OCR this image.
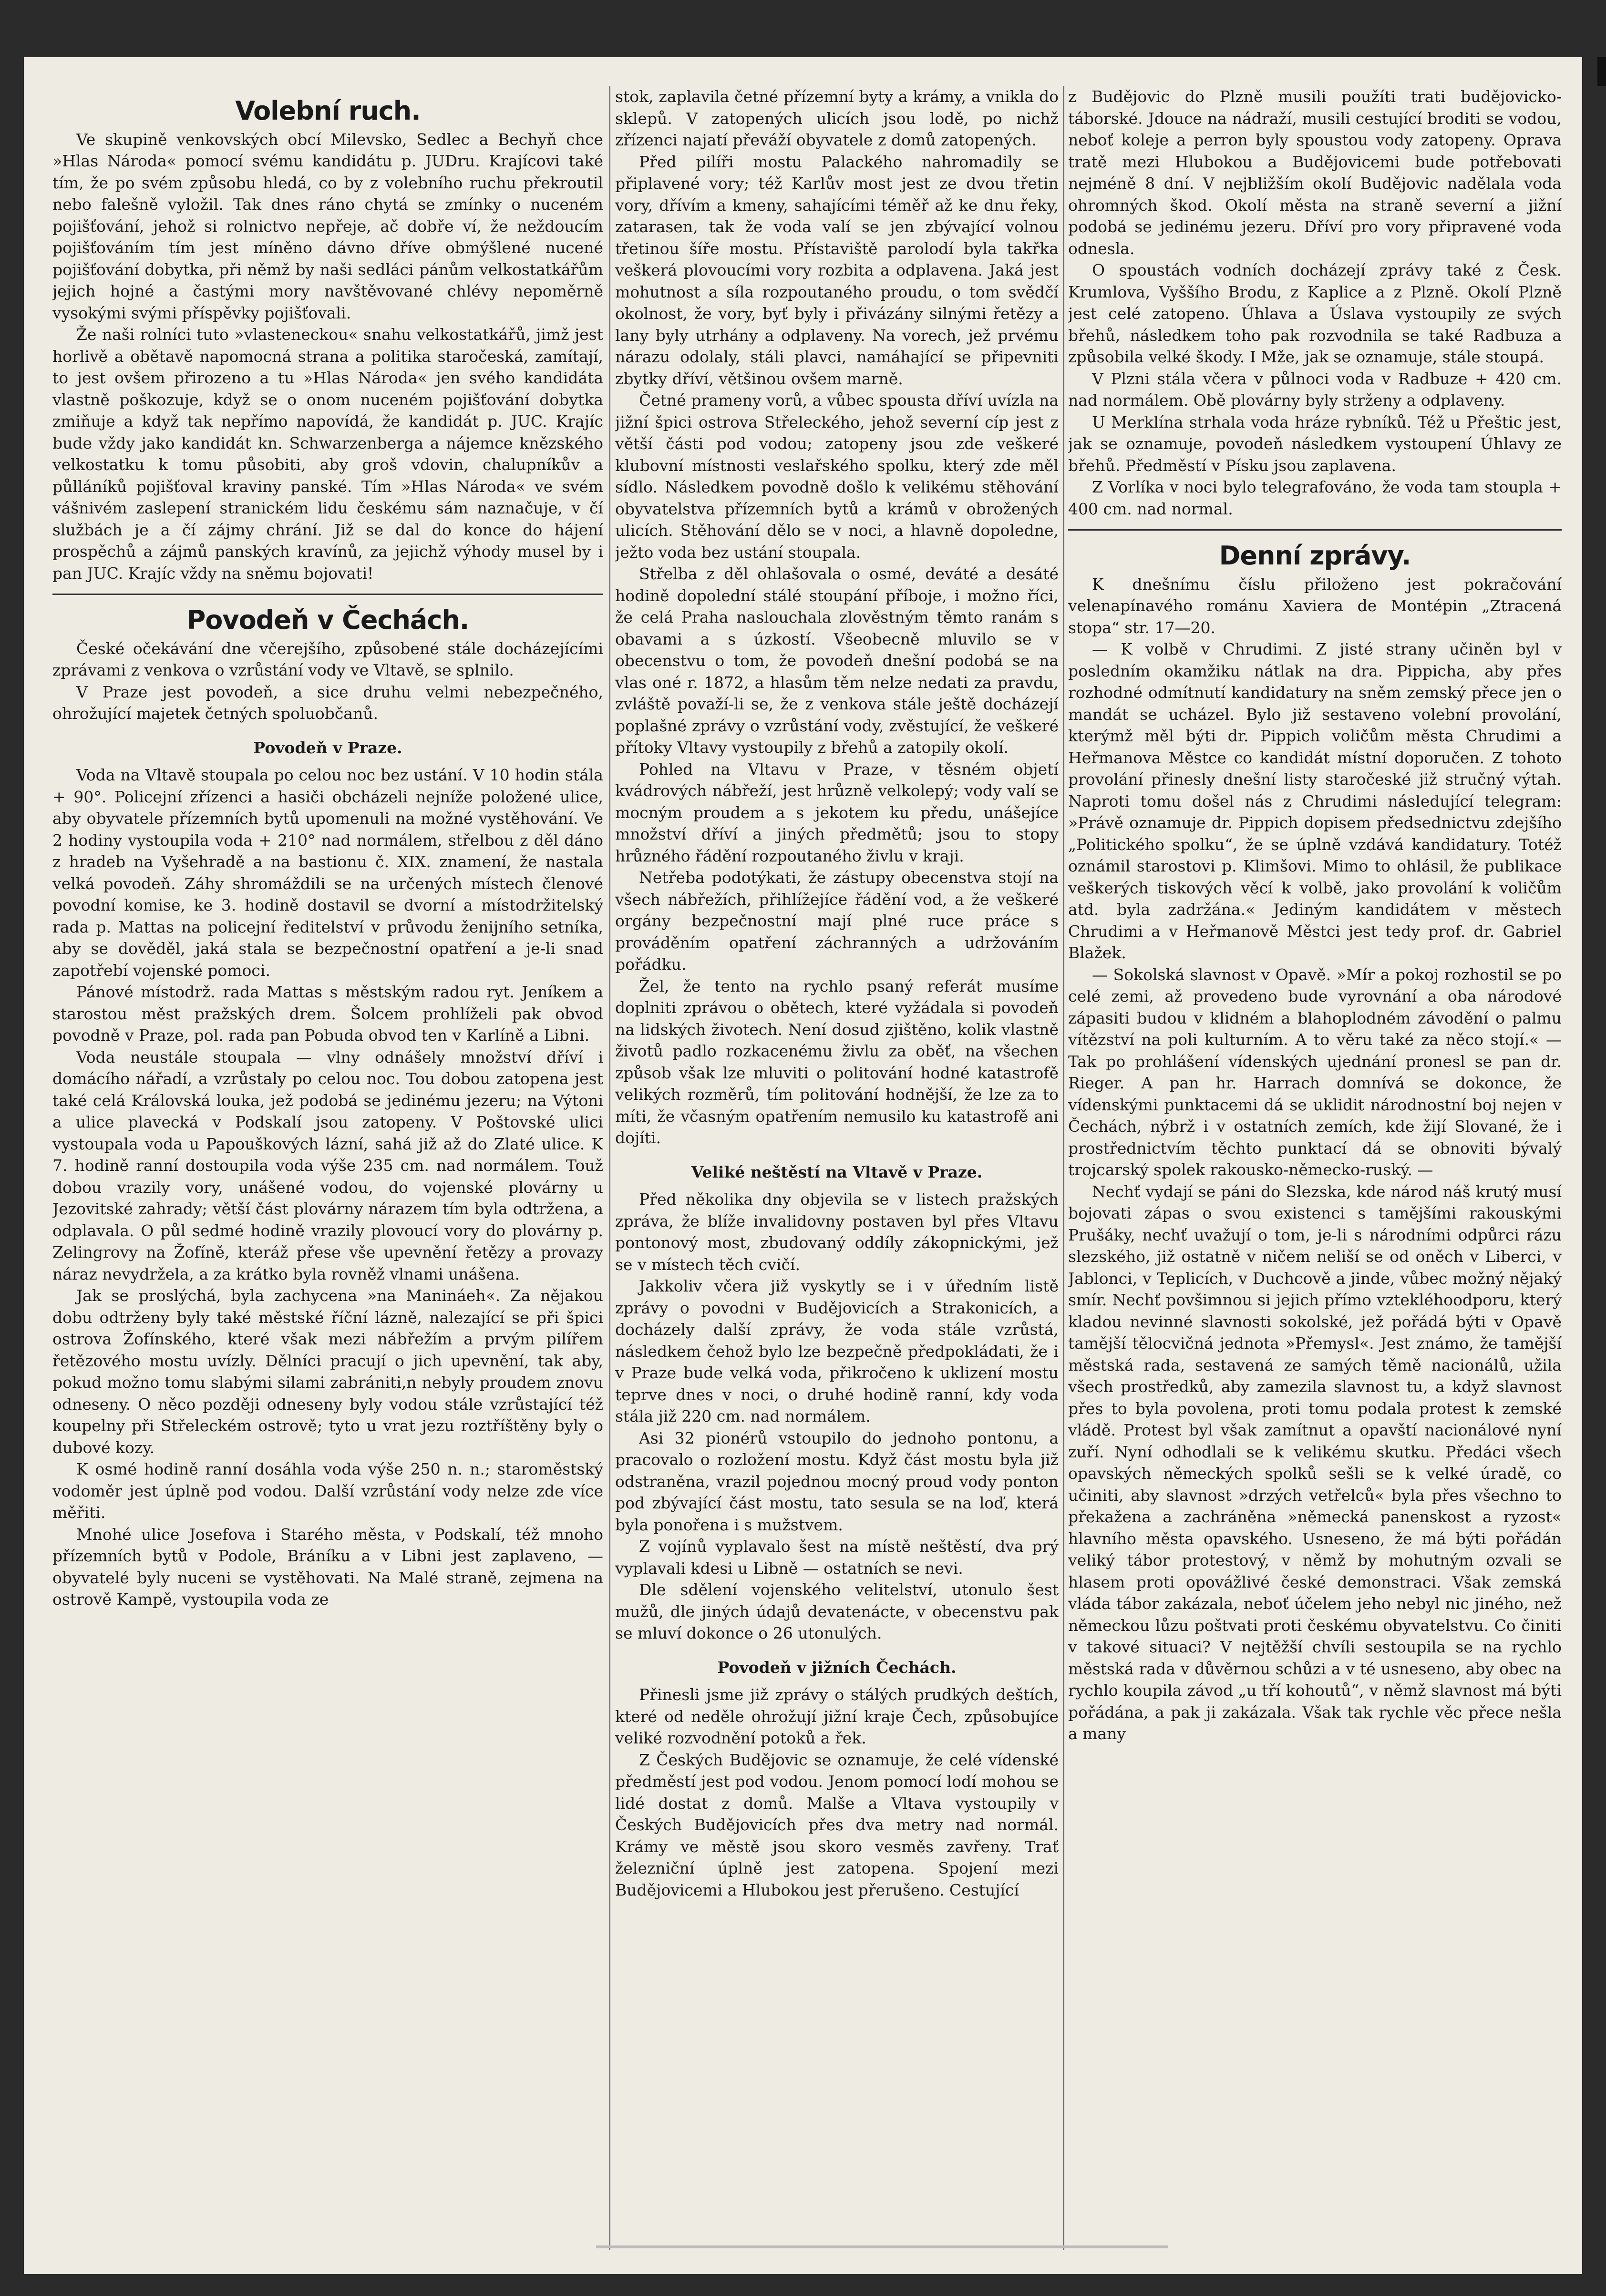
Volební ruch.

Ve skupině venkovských obcí Milevsko, Sedlec a Bechyň chce »Hlas Národa« pomocí svému kandidátu p. JUDru. Krajícovi také tím, že po svém způsobu hledá, co by z volebního ruchu překroutil nebo falešně vyložil. Tak dnes ráno chytá se zmínky o nuceném pojišťování, jehož si rolnictvo nepřeje, ač dobře ví, že neždoucím pojišťováním tím jest míněno dávno dříve obmýšlené nucené pojišťování dobytka, při němž by naši sedláci pánům velkostatkářům jejich hojné a častými mory navštěvované chlévy nepoměrně vysokými svými příspěvky pojišťovali.

Že naši rolníci tuto »vlasteneckou« snahu velkostatkářů, jimž jest horlivě a obětavě napomocná strana a politika staročeská, zamítají, to jest ovšem přirozeno a tu »Hlas Národa« jen svého kandidáta vlastně poškozuje, když se o onom nuceném pojišťování dobytka zmiňuje a když tak nepřímo napovídá, že kandidát p. JUC. Krajíc bude vždy jako kandidát kn. Schwarzenberga a nájemce knězského velkostatku k tomu působiti, aby groš vdovin, chalupníkův a půlláníků pojišťoval kraviny panské. Tím »Hlas Národa« ve svém vášnivém zaslepení stranickém lidu českému sám naznačuje, v čí službách je a čí zájmy chrání. Již se dal do konce do hájení prospěchů a zájmů panských kravínů, za jejichž výhody musel by i pan JUC. Krajíc vždy na sněmu bojovati!

Povodeň v Čechách.

České očekávání dne včerejšího, způsobené stále docházejícími zprávami z venkova o vzrůstání vody ve Vltavě, se splnilo.

V Praze jest povodeň, a sice druhu velmi nebezpečného, ohrožující majetek četných spoluobčanů.

Povodeň v Praze.

Voda na Vltavě stoupala po celou noc bez ustání. V 10 hodin stála + 90°. Policejní zřízenci a hasiči obcházeli nejníže položené ulice, aby obyvatele přízemních bytů upomenuli na možné vystěhování. Ve 2 hodiny vystoupila voda + 210° nad normálem, střelbou z děl dáno z hradeb na Vyšehradě a na bastionu č. XIX. znamení, že nastala velká povodeň. Záhy shromáždili se na určených místech členové povodní komise, ke 3. hodině dostavil se dvorní a místodržitelský rada p. Mattas na policejní ředitelství v průvodu ženijního setníka, aby se dověděl, jaká stala se bezpečnostní opatření a je-li snad zapotřebí vojenské pomoci.

Pánové místodrž. rada Mattas s městským radou ryt. Jeníkem a starostou měst pražských drem. Šolcem prohlíželi pak obvod povodně v Praze, pol. rada pan Pobuda obvod ten v Karlíně a Libni.

Voda neustále stoupala — vlny odnášely množství dříví i domácího nářadí, a vzrůstaly po celou noc. Tou dobou zatopena jest také celá Královská louka, jež podobá se jedinému jezeru; na Výtoni a ulice plavecká v Podskalí jsou zatopeny. V Poštovské ulici vystoupala voda u Papouškových lázní, sahá již až do Zlaté ulice. K 7. hodině ranní dostoupila voda výše 235 cm. nad normálem. Touž dobou vrazily vory, unášené vodou, do vojenské plovárny u Jezovitské zahrady; větší část plovárny nárazem tím byla odtržena, a odplavala. O půl sedmé hodině vrazily plovoucí vory do plovárny p. Zelingrovy na Žofíně, kteráž přese vše upevnění řetězy a provazy náraz nevydržela, a za krátko byla rovněž vlnami unášena.

Jak se proslýchá, byla zachycena »na Manináeh«. Za nějakou dobu odtrženy byly také městské říční lázně, nalezající se při špici ostrova Žofínského, které však mezi nábřežím a prvým pilířem řetězového mostu uvízly. Dělníci pracují o jich upevnění, tak aby, pokud možno tomu slabými silami zabrániti,n nebyly proudem znovu odneseny. O něco později odneseny byly vodou stále vzrůstající též koupelny při Střeleckém ostrově; tyto u vrat jezu roztříštěny byly o dubové kozy.

K osmé hodině ranní dosáhla voda výše 250 n. n.; staroměstský vodoměr jest úplně pod vodou. Další vzrůstání vody nelze zde více měřiti.

Mnohé ulice Josefova i Starého města, v Podskalí, též mnoho přízemních bytů v Podole, Bráníku a v Libni jest zaplaveno, — obyvatelé byly nuceni se vystěhovati. Na Malé straně, zejmena na ostrově Kampě, vystoupila voda ze

stok, zaplavila četné přízemní byty a krámy, a vnikla do sklepů. V zatopených ulicích jsou lodě, po nichž zřízenci najatí převáží obyvatele z domů zatopených.

Před pilíři mostu Palackého nahromadily se připlavené vory; též Karlův most jest ze dvou třetin vory, dřívím a kmeny, sahajícími téměř až ke dnu řeky, zatarasen, tak že voda valí se jen zbývající volnou třetinou šíře mostu. Přístaviště parolodí byla takřka veškerá plovoucími vory rozbita a odplavena. Jaká jest mohutnost a síla rozpoutaného proudu, o tom svědčí okolnost, že vory, byť byly i přivázány silnými řetězy a lany byly utrhány a odplaveny. Na vorech, jež prvému nárazu odolaly, stáli plavci, namáhající se připevniti zbytky dříví, většinou ovšem marně.

Četné prameny vorů, a vůbec spousta dříví uvízla na jižní špici ostrova Střeleckého, jehož severní cíp jest z větší části pod vodou; zatopeny jsou zde veškeré klubovní místnosti veslařského spolku, který zde měl sídlo. Následkem povodně došlo k velikému stěhování obyvatelstva přízemních bytů a krámů v obrožených ulicích. Stěhování dělo se v noci, a hlavně dopoledne, ježto voda bez ustání stoupala.

Střelba z děl ohlašovala o osmé, deváté a desáté hodině dopolední stálé stoupání příboje, i možno říci, že celá Praha naslouchala zlověstným těmto ranám s obavami a s úzkostí. Všeobecně mluvilo se v obecenstvu o tom, že povodeň dnešní podobá se na vlas oné r. 1872, a hlasům těm nelze nedati za pravdu, zvláště považí-li se, že z venkova stále ještě docházejí poplašné zprávy o vzrůstání vody, zvěstující, že veškeré přítoky Vltavy vystoupily z břehů a zatopily okolí.

Pohled na Vltavu v Praze, v těsném objetí kvádrových nábřeží, jest hrůzně velkolepý; vody valí se mocným proudem a s jekotem ku předu, unášejíce množství dříví a jiných předmětů; jsou to stopy hrůzného řádění rozpoutaného živlu v kraji.

Netřeba podotýkati, že zástupy obecenstva stojí na všech nábřežích, přihlížejíce řádění vod, a že veškeré orgány bezpečnostní mají plné ruce práce s prováděním opatření záchranných a udržováním pořádku.

Žel, že tento na rychlo psaný referát musíme doplniti zprávou o obětech, které vyžádala si povodeň na lidských životech. Není dosud zjištěno, kolik vlastně životů padlo rozkacenému živlu za oběť, na všechen způsob však lze mluviti o politování hodné katastrofě velikých rozměrů, tím politování hodnější, že lze za to míti, že včasným opatřením nemusilo ku katastrofě ani dojíti.

Veliké neštěstí na Vltavě v Praze.

Před několika dny objevila se v listech pražských zpráva, že blíže invalidovny postaven byl přes Vltavu pontonový most, zbudovaný oddíly zákopnickými, jež se v místech těch cvičí.

Jakkoliv včera již vyskytly se i v úředním listě zprávy o povodni v Budějovicích a Strakonicích, a docházely další zprávy, že voda stále vzrůstá, následkem čehož bylo lze bezpečně předpokládati, že i v Praze bude velká voda, přikročeno k uklizení mostu teprve dnes v noci, o druhé hodině ranní, kdy voda stála již 220 cm. nad normálem.

Asi 32 pionérů vstoupilo do jednoho pontonu, a pracovalo o rozložení mostu. Když část mostu byla již odstraněna, vrazil pojednou mocný proud vody ponton pod zbývající část mostu, tato sesula se na loď, která byla ponořena i s mužstvem.

Z vojínů vyplavalo šest na místě neštěstí, dva prý vyplavali kdesi u Libně — ostatních se nevi.

Dle sdělení vojenského velitelství, utonulo šest mužů, dle jiných údajů devatenácte, v obecenstvu pak se mluví dokonce o 26 utonulých.

Povodeň v jižních Čechách.

Přinesli jsme již zprávy o stálých prudkých deštích, které od neděle ohrožují jižní kraje Čech, způsobujíce veliké rozvodnění potoků a řek.

Z Českých Budějovic se oznamuje, že celé vídenské předměstí jest pod vodou. Jenom pomocí lodí mohou se lidé dostat z domů. Malše a Vltava vystoupily v Českých Budějovicích přes dva metry nad normál. Krámy ve městě jsou skoro vesměs zavřeny. Trať železniční úplně jest zatopena. Spojení mezi Budějovicemi a Hlubokou jest přerušeno. Cestující

z Budějovic do Plzně musili použíti trati budějovicko-táborské. Jdouce na nádraží, musili cestující broditi se vodou, neboť koleje a perron byly spoustou vody zatopeny. Oprava tratě mezi Hlubokou a Budějovicemi bude potřebovati nejméně 8 dní. V nejbližším okolí Budějovic nadělala voda ohromných škod. Okolí města na straně severní a jižní podobá se jedinému jezeru. Dříví pro vory připravené voda odnesla.

O spoustách vodních docházejí zprávy také z Česk. Krumlova, Vyššího Brodu, z Kaplice a z Plzně. Okolí Plzně jest celé zatopeno. Úhlava a Úslava vystoupily ze svých břehů, následkem toho pak rozvodnila se také Radbuza a způsobila velké škody. I Mže, jak se oznamuje, stále stoupá.

V Plzni stála včera v půlnoci voda v Radbuze + 420 cm. nad normálem. Obě plovárny byly strženy a odplaveny.

U Merklína strhala voda hráze rybníků. Též u Přeštic jest, jak se oznamuje, povodeň následkem vystoupení Úhlavy ze břehů. Předměstí v Písku jsou zaplavena.

Z Vorlíka v noci bylo telegrafováno, že voda tam stoupla + 400 cm. nad normal.

Denní zprávy.

K dnešnímu číslu přiloženo jest pokračování velenapínavého románu Xaviera de Montépin „Ztracená stopa“ str. 17—20.

— K volbě v Chrudimi. Z jisté strany učiněn byl v posledním okamžiku nátlak na dra. Pippicha, aby přes rozhodné odmítnutí kandidatury na sněm zemský přece jen o mandát se ucházel. Bylo již sestaveno volební provolání, kterýmž měl býti dr. Pippich voličům města Chrudimi a Heřmanova Městce co kandidát místní doporučen. Z tohoto provolání přinesly dnešní listy staročeské již stručný výtah. Naproti tomu došel nás z Chrudimi následující telegram: »Právě oznamuje dr. Pippich dopisem předsednictvu zdejšího „Politického spolku“, že se úplně vzdává kandidatury. Totéž oznámil starostovi p. Klimšovi. Mimo to ohlásil, že publikace veškerých tiskových věcí k volbě, jako provolání k voličům atd. byla zadržána.« Jediným kandidátem v městech Chrudimi a v Heřmanově Městci jest tedy prof. dr. Gabriel Blažek.

— Sokolská slavnost v Opavě. »Mír a pokoj rozhostil se po celé zemi, až provedeno bude vyrovnání a oba národové zápasiti budou v klidném a blahoplodném závodění o palmu vítězství na poli kulturním. A to věru také za něco stojí.« — Tak po prohlášení vídenských ujednání pronesl se pan dr. Rieger. A pan hr. Harrach domnívá se dokonce, že vídenskými punktacemi dá se uklidit národnostní boj nejen v Čechách, nýbrž i v ostatních zemích, kde žijí Slované, že i prostřednictvím těchto punktací dá se obnoviti bývalý trojcarský spolek rakousko-německo-ruský. —

Nechť vydají se páni do Slezska, kde národ náš krutý musí bojovati zápas o svou existenci s tamějšími rakouskými Prušáky, nechť uvažují o tom, je-li s národními odpůrci rázu slezského, již ostatně v ničem neliší se od oněch v Liberci, v Jablonci, v Teplicích, v Duchcově a jinde, vůbec možný nějaký smír. Nechť povšimnou si jejich přímo vztekléhoodporu, který kladou nevinné slavnosti sokolské, jež pořádá býti v Opavě tamější tělocvičná jednota »Přemysl«. Jest známo, že tamější městská rada, sestavená ze samých těmě nacionálů, užila všech prostředků, aby zamezila slavnost tu, a když slavnost přes to byla povolena, proti tomu podala protest k zemské vládě. Protest byl však zamítnut a opavští nacionálové nyní zuří. Nyní odhodlali se k velikému skutku. Předáci všech opavských německých spolků sešli se k velké úradě, co učiniti, aby slavnost »drzých vetřelců« byla přes všechno to překažena a zachráněna »německá panenskost a ryzost« hlavního města opavského. Usneseno, že má býti pořádán veliký tábor protestový, v němž by mohutným ozvali se hlasem proti opovážlivé české demonstraci. Však zemská vláda tábor zakázala, neboť účelem jeho nebyl nic jiného, než německou lůzu poštvati proti českému obyvatelstvu. Co činiti v takové situaci? V nejtěžší chvíli sestoupila se na rychlo městská rada v důvěrnou schůzi a v té usneseno, aby obec na rychlo koupila závod „u tří kohoutů“, v němž slavnost má býti pořádána, a pak ji zakázala. Však tak rychle věc přece nešla a many
